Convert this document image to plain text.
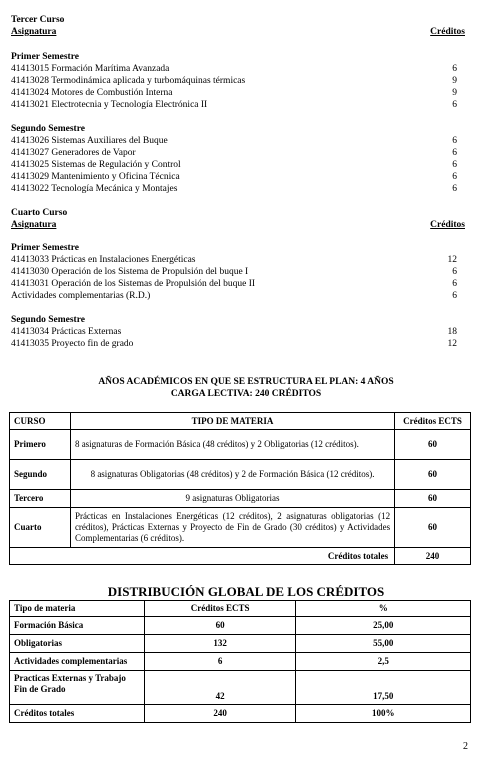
Tercer Curso
Asignatura	Créditos
Primer Semestre
41413015 Formación Marítima Avanzada	6
41413028 Termodinámica aplicada y turbomáquinas térmicas	9
41413024 Motores de Combustión Interna	9
41413021 Electrotecnia y Tecnología Electrónica II	6
Segundo Semestre
41413026 Sistemas Auxiliares del Buque	6
41413027 Generadores de Vapor	6
41413025 Sistemas de Regulación y Control	6
41413029 Mantenimiento y Oficina Técnica	6
41413022 Tecnología Mecánica y Montajes	6
Cuarto Curso
Asignatura	Créditos
Primer Semestre
41413033 Prácticas en Instalaciones Energéticas	12
41413030 Operación de los Sistema de Propulsión del buque I	6
41413031 Operación de los Sistemas de Propulsión del buque II	6
Actividades complementarias (R.D.)	6
Segundo Semestre
41413034 Prácticas Externas	18
41413035 Proyecto fin de grado	12
AÑOS ACADÉMICOS EN QUE SE ESTRUCTURA EL PLAN: 4 AÑOS
CARGA LECTIVA: 240 CRÉDITOS
CURSO	TIPO DE MATERIA	Créditos ECTS
Primero	8 asignaturas de Formación Básica (48 créditos) y 2 Obligatorias (12 créditos).	60
Segundo	8 asignaturas Obligatorias (48 créditos) y 2 de Formación Básica (12 créditos).	60
Tercero	9 asignaturas Obligatorias	60
Cuarto	Prácticas en Instalaciones Energéticas (12 créditos), 2 asignaturas obligatorias (12 créditos), Prácticas Externas y Proyecto de Fin de Grado (30 créditos) y Actividades Complementarias (6 créditos).	60
Créditos totales		240
DISTRIBUCIÓN GLOBAL DE LOS CRÉDITOS
Tipo de materia	Créditos ECTS	%
Formación Básica	60	25,00
Obligatorias	132	55,00
Actividades complementarias	6	2,5
Practicas Externas y Trabajo Fin de Grado	42	17,50
Créditos totales	240	100%
2
